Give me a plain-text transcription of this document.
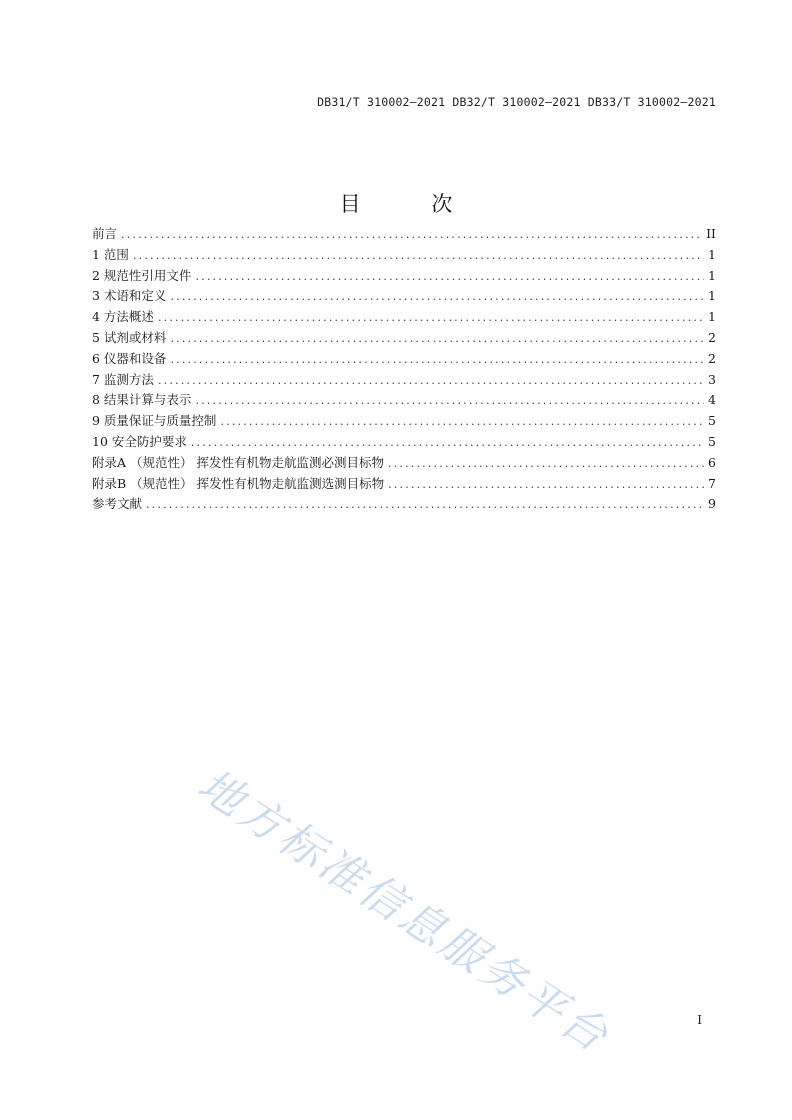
DB31/T 310002—2021 DB32/T 310002—2021 DB33/T 310002—2021
目 次
前言 .....	II
1 范围 .....	1
2 规范性引用文件 .....	1
3 术语和定义 .....	1
4 方法概述 .....	1
5 试剂或材料 .....	2
6 仪器和设备 .....	2
7 监测方法 .....	3
8 结果计算与表示 .....	4
9 质量保证与质量控制 .....	5
10 安全防护要求 .....	5
附录A （规范性） 挥发性有机物走航监测必测目标物 .....	6
附录B （规范性） 挥发性有机物走航监测选测目标物 .....	7
参考文献 .....	9
地方标准信息服务平台	I
